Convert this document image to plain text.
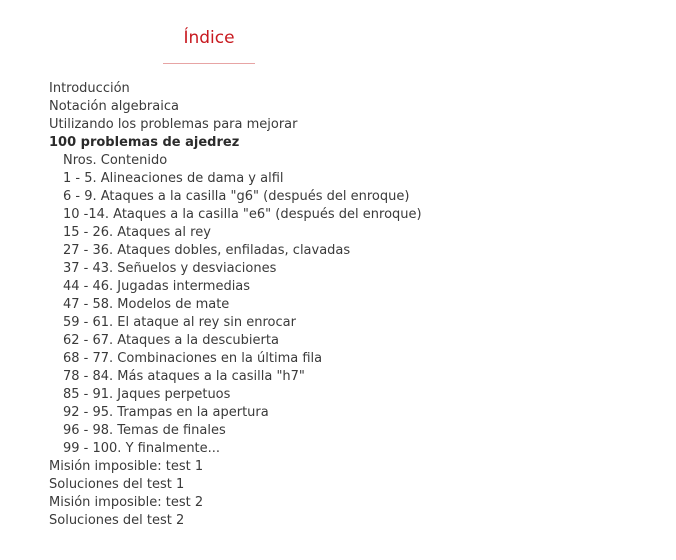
Índice
Introducción
Notación algebraica
Utilizando los problemas para mejorar
100 problemas de ajedrez
Nros. Contenido
1 - 5. Alineaciones de dama y alfil
6 - 9. Ataques a la casilla "g6" (después del enroque)
10 -14. Ataques a la casilla "e6" (después del enroque)
15 - 26. Ataques al rey
27 - 36. Ataques dobles, enfiladas, clavadas
37 - 43. Señuelos y desviaciones
44 - 46. Jugadas intermedias
47 - 58. Modelos de mate
59 - 61. El ataque al rey sin enrocar
62 - 67. Ataques a la descubierta
68 - 77. Combinaciones en la última fila
78 - 84. Más ataques a la casilla "h7"
85 - 91. Jaques perpetuos
92 - 95. Trampas en la apertura
96 - 98. Temas de finales
99 - 100. Y finalmente...
Misión imposible: test 1
Soluciones del test 1
Misión imposible: test 2
Soluciones del test 2
